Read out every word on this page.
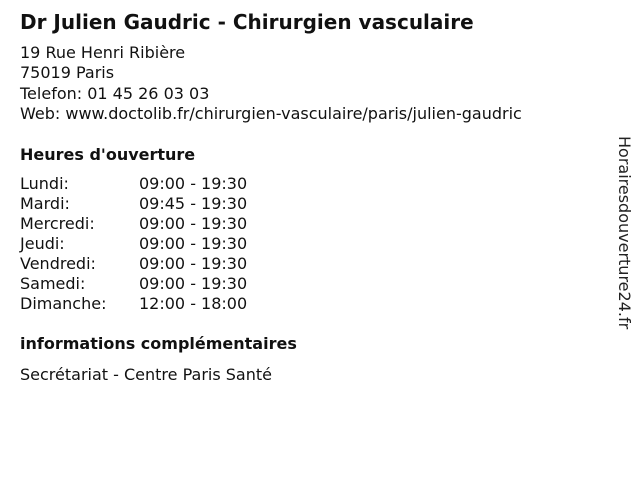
Dr Julien Gaudric - Chirurgien vasculaire
19 Rue Henri Ribière
75019 Paris
Telefon: 01 45 26 03 03
Web: www.doctolib.fr/chirurgien-vasculaire/paris/julien-gaudric
Heures d'ouverture
Lundi:	09:00 - 19:30
Mardi:	09:45 - 19:30
Mercredi:	09:00 - 19:30
Jeudi:	09:00 - 19:30
Vendredi:	09:00 - 19:30
Samedi:	09:00 - 19:30
Dimanche: 12:00 - 18:00
informations complémentaires
Secrétariat - Centre Paris Santé
Horairesdouverture24.fr
